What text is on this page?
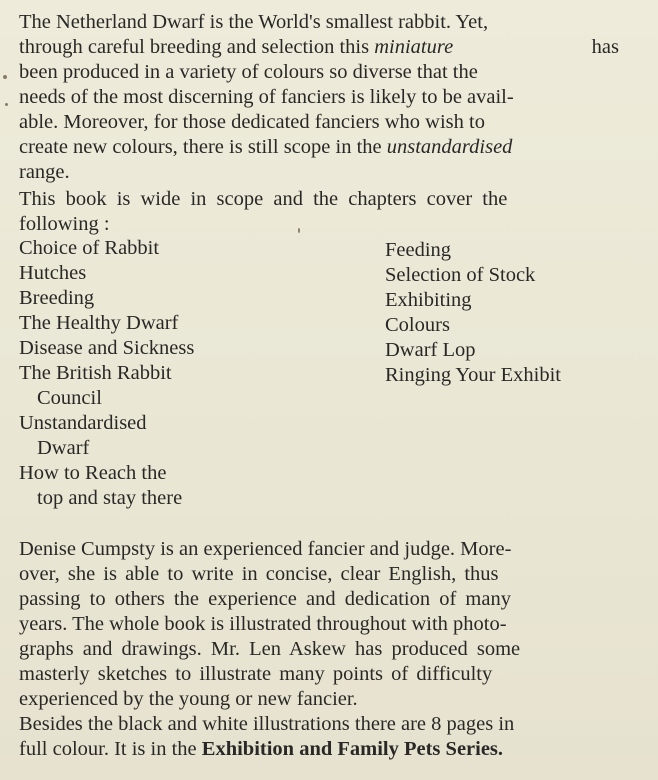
The Netherland Dwarf is the World's smallest rabbit. Yet,
through careful breeding and selection this miniature	has
been produced in a variety of colours so diverse that the
needs of the most discerning of fanciers is likely to be avail-
able. Moreover, for those dedicated fanciers who wish to
create new colours, there is still scope in the unstandardised
range.
This book is wide in scope and the chapters cover the
following :
Choice of Rabbit
Hutches
Breeding
The Healthy Dwarf
Disease and Sickness
The British Rabbit
Council
Unstandardised
Dwarf
How to Reach the
top and stay there
Feeding
Selection of Stock
Exhibiting
Colours
Dwarf Lop
Ringing Your Exhibit
Denise Cumpsty is an experienced fancier and judge. More-
over, she is able to write in concise, clear English, thus
passing to others the experience and dedication of many
years. The whole book is illustrated throughout with photo-
graphs and drawings. Mr. Len Askew has produced some
masterly sketches to illustrate many points of difficulty
experienced by the young or new fancier.
Besides the black and white illustrations there are 8 pages in
full colour. It is in the Exhibition and Family Pets Series.
